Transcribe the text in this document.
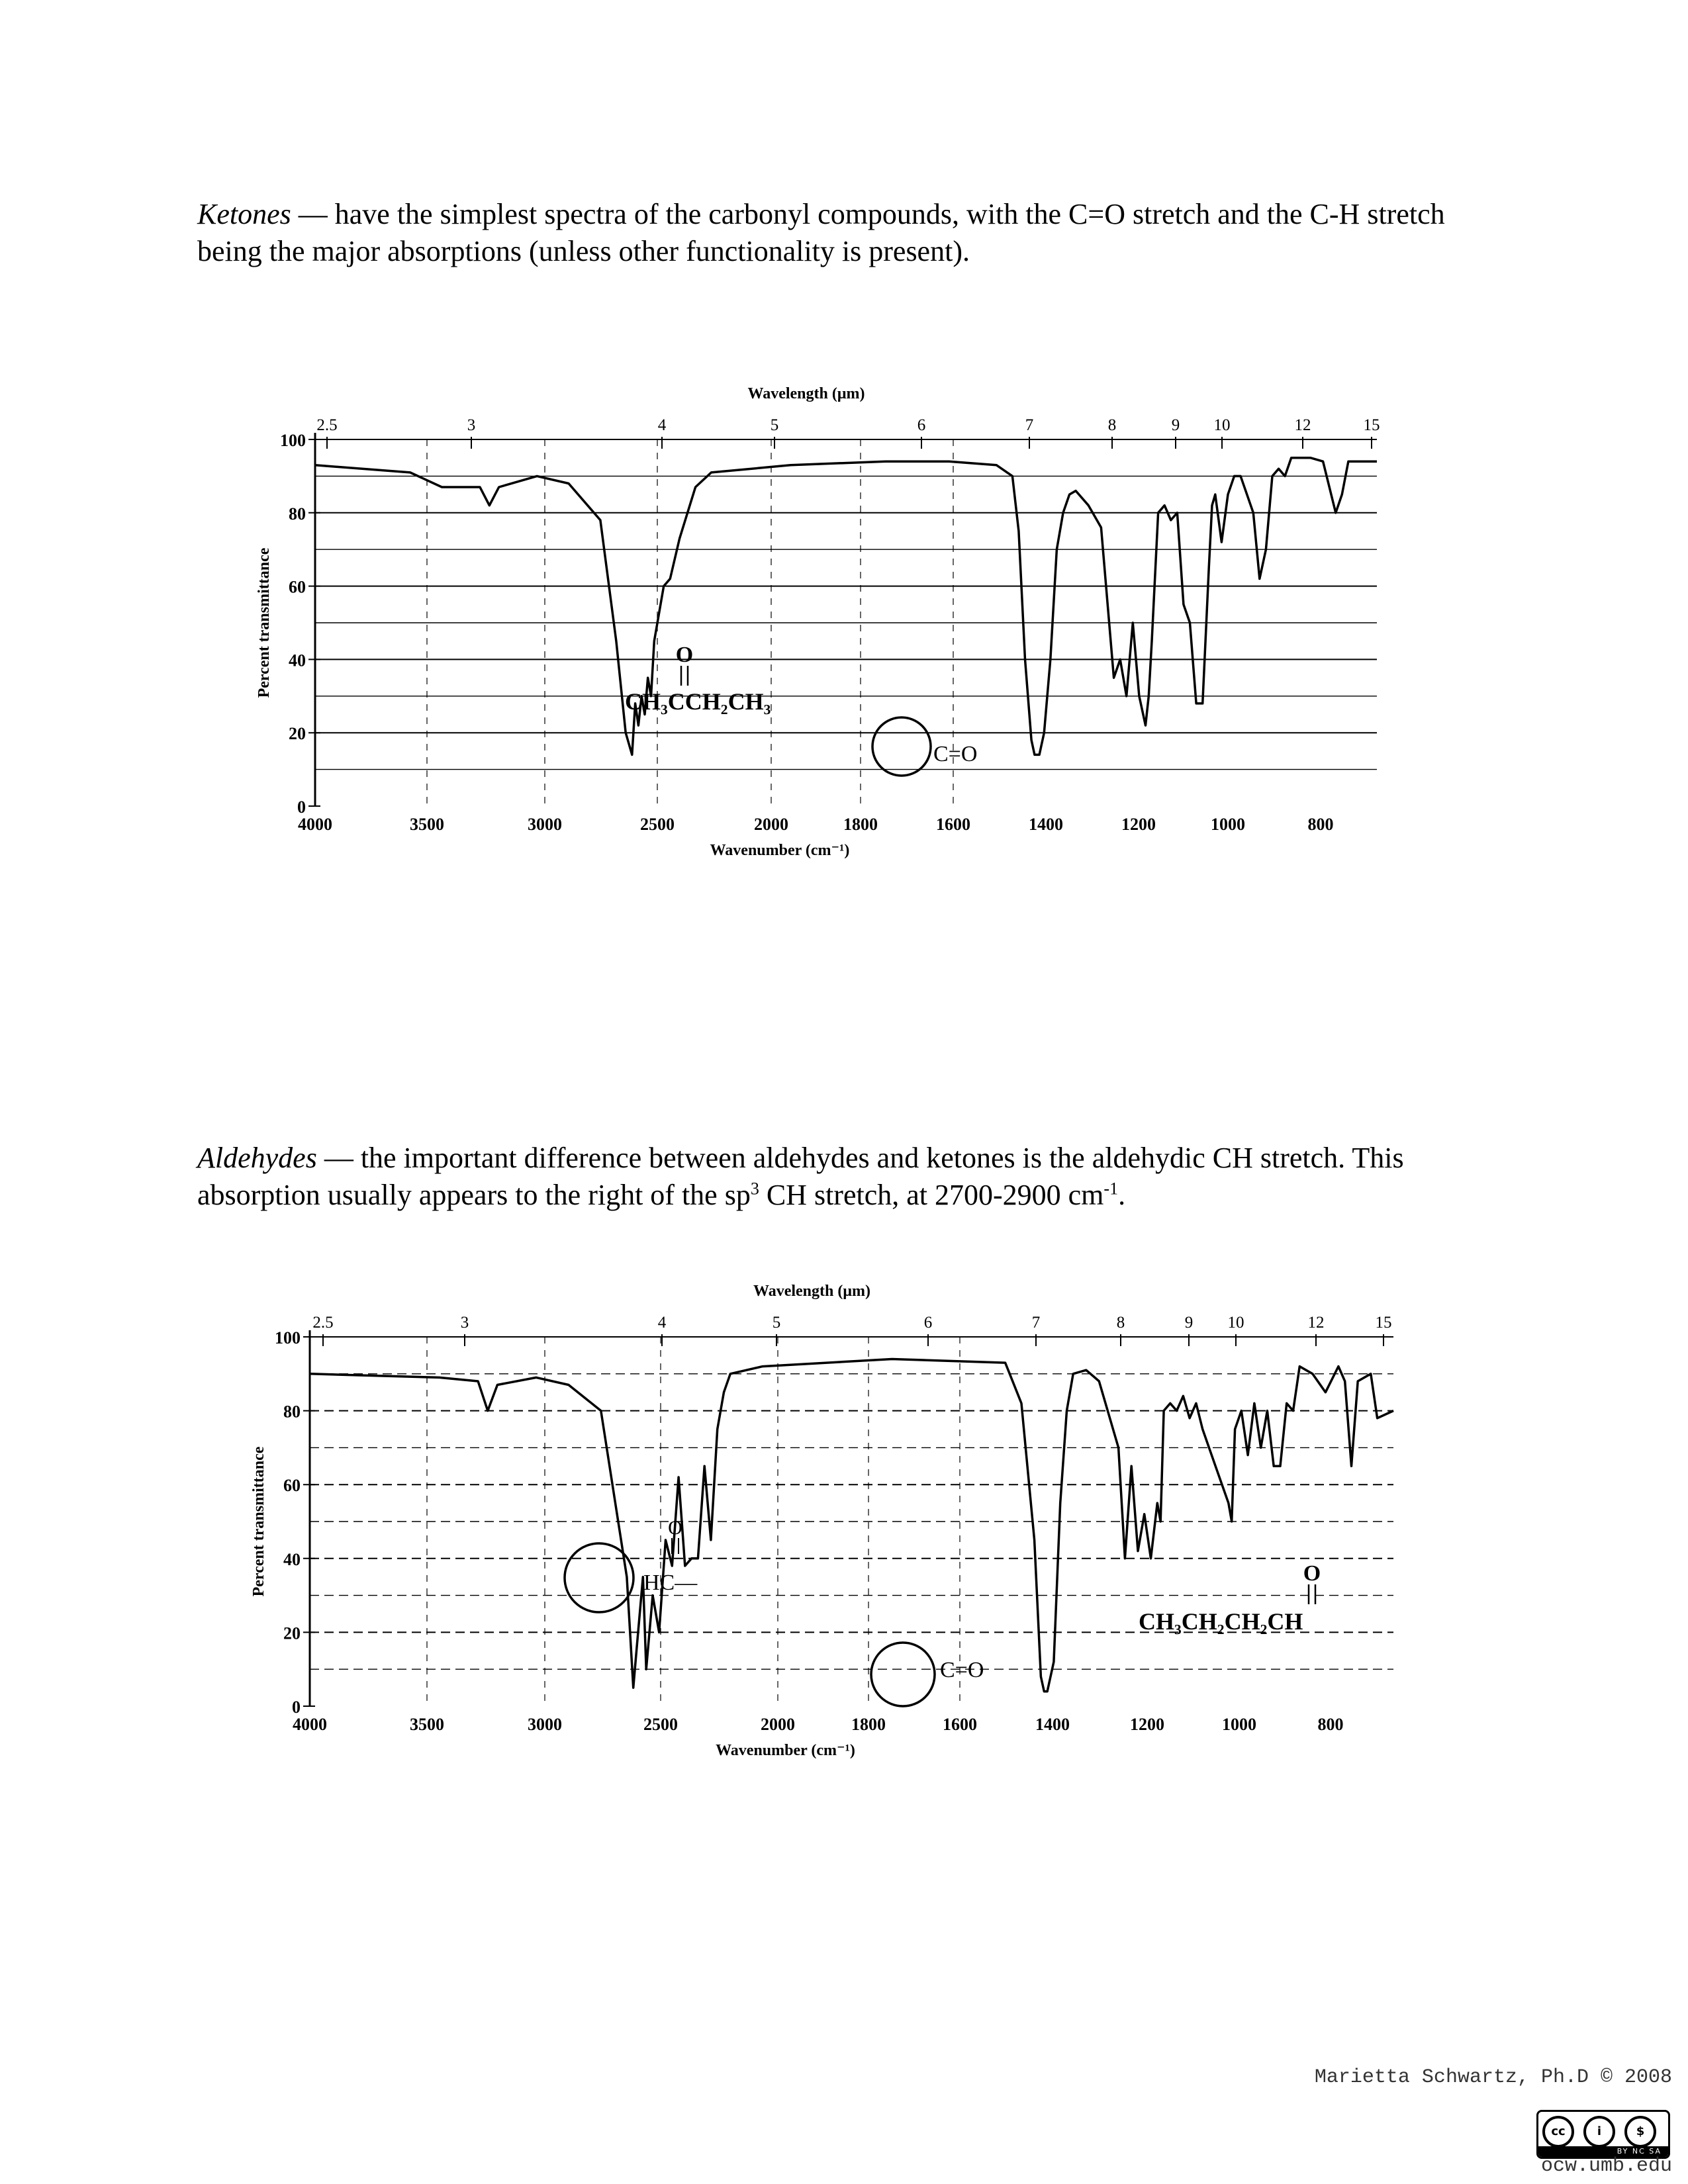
Ketones — have the simplest spectra of the carbonyl compounds, with the C=O stretch and the C-H stretch being the major absorptions (unless other functionality is present).

0
20
40
60
80
100
4000	3500	3000	2500	2000	1800	1600	1400	1200	1000	800
2.5	3	4	5	6	7	8	9 10	12	15
Wavelength (μm)
Wavenumber (cm⁻¹)
Percent transmittance
C=O
CH₃CCH₂CH₃
O

Aldehydes — the important difference between aldehydes and ketones is the aldehydic CH stretch. This absorption usually appears to the right of the $sp^3$ CH stretch, at 2700-2900 $cm^{-1}$.

0
20
40
60
80
100
4000	3500	3000	2500	2000	1800	1600	1400	1200	1000	800
2.5	3	4	5	6	7	8	9 10	12	15
Wavelength (μm)
Wavenumber (cm⁻¹)
Percent transmittance
C=O
HC—
O
CH₃CH₂CH₂CH
O
Marietta Schwartz, Ph.D © 2008
cc	i	$
BY NC SA
ocw.umb.edu
